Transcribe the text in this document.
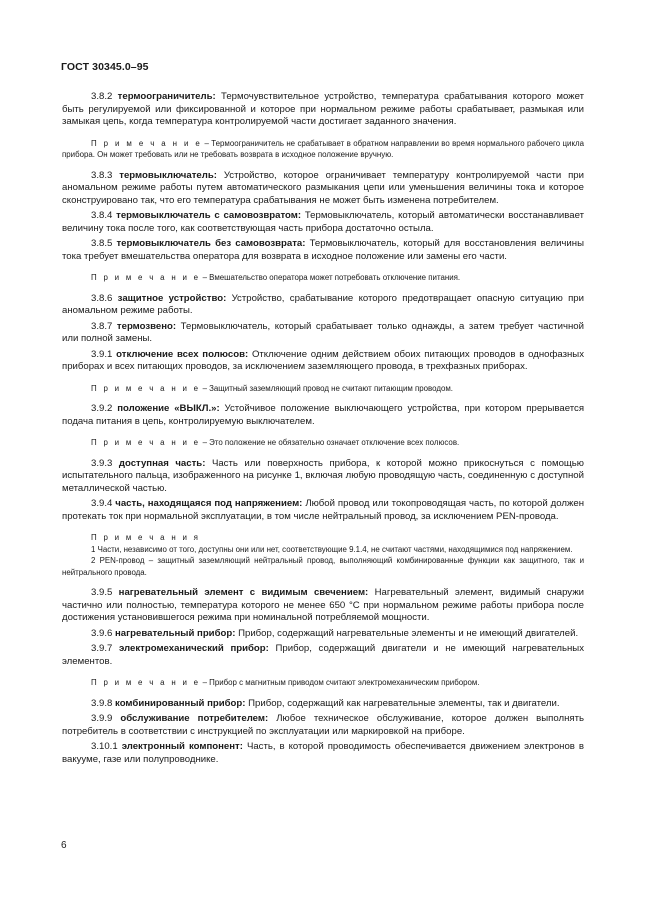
ГОСТ 30345.0–95

3.8.2 термоограничитель: Термочувствительное устройство, температура срабатывания которого может быть регулируемой или фиксированной и которое при нормальном режиме работы срабатывает, размыкая или замыкая цепь, когда температура контролируемой части достигает заданного значения.

П р и м е ч а н и е – Термоограничитель не срабатывает в обратном направлении во время нормального рабочего цикла прибора. Он может требовать или не требовать возврата в исходное положение вручную.

3.8.3 термовыключатель: Устройство, которое ограничивает температуру контролируемой части при аномальном режиме работы путем автоматического размыкания цепи или уменьшения величины тока и которое сконструировано так, что его температура срабатывания не может быть изменена потребителем.

3.8.4 термовыключатель с самовозвратом: Термовыключатель, который автоматически восстанавливает величину тока после того, как соответствующая часть прибора достаточно остыла.

3.8.5 термовыключатель без самовозврата: Термовыключатель, который для восстановления величины тока требует вмешательства оператора для возврата в исходное положение или замены его части.

П р и м е ч а н и е – Вмешательство оператора может потребовать отключение питания.

3.8.6 защитное устройство: Устройство, срабатывание которого предотвращает опасную ситуацию при аномальном режиме работы.

3.8.7 термозвено: Термовыключатель, который срабатывает только однажды, а затем требует частичной или полной замены.

3.9.1 отключение всех полюсов: Отключение одним действием обоих питающих проводов в однофазных приборах и всех питающих проводов, за исключением заземляющего провода, в трехфазных приборах.

П р и м е ч а н и е – Защитный заземляющий провод не считают питающим проводом.

3.9.2 положение «ВЫКЛ.»: Устойчивое положение выключающего устройства, при котором прерывается подача питания в цепь, контролируемую выключателем.

П р и м е ч а н и е – Это положение не обязательно означает отключение всех полюсов.

3.9.3 доступная часть: Часть или поверхность прибора, к которой можно прикоснуться с помощью испытательного пальца, изображенного на рисунке 1, включая любую проводящую часть, соединенную с доступной металлической частью.

3.9.4 часть, находящаяся под напряжением: Любой провод или токопроводящая часть, по которой должен протекать ток при нормальной эксплуатации, в том числе нейтральный провод, за исключением PEN-провода.

П р и м е ч а н и я

1 Части, независимо от того, доступны они или нет, соответствующие 9.1.4, не считают частями, находящимися под напряжением.

2 PEN-провод – защитный заземляющий нейтральный провод, выполняющий комбинированные функции как защитного, так и нейтрального провода.

3.9.5 нагревательный элемент с видимым свечением: Нагревательный элемент, видимый снаружи частично или полностью, температура которого не менее 650 °С при нормальном режиме работы прибора после достижения установившегося режима при номинальной потребляемой мощности.

3.9.6 нагревательный прибор: Прибор, содержащий нагревательные элементы и не имеющий двигателей.

3.9.7 электромеханический прибор: Прибор, содержащий двигатели и не имеющий нагревательных элементов.

П р и м е ч а н и е – Прибор с магнитным приводом считают электромеханическим прибором.

3.9.8 комбинированный прибор: Прибор, содержащий как нагревательные элементы, так и двигатели.

3.9.9 обслуживание потребителем: Любое техническое обслуживание, которое должен выполнять потребитель в соответствии с инструкцией по эксплуатации или маркировкой на приборе.

3.10.1 электронный компонент: Часть, в которой проводимость обеспечивается движением электронов в вакууме, газе или полупроводнике.

6
